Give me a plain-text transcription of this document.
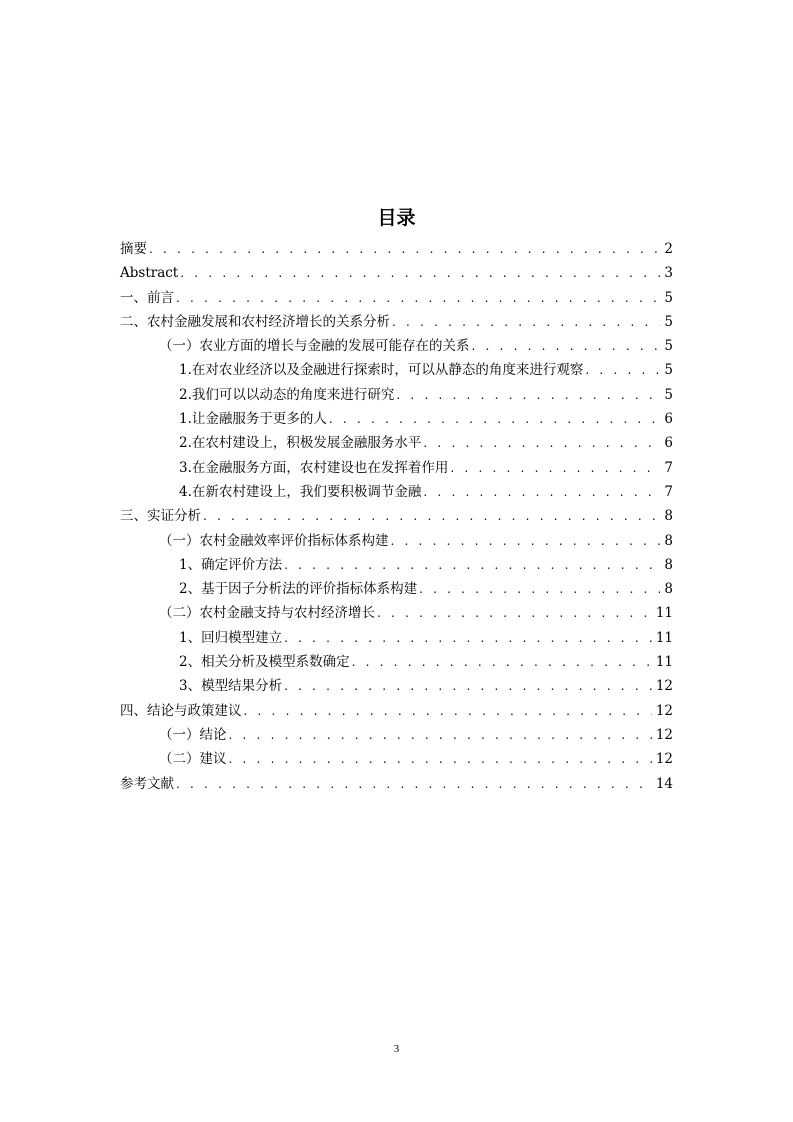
目录
摘要 . . .	2
Abstract . . .	3
一、前言 . . .	5
二、农村金融发展和农村经济增长的关系分析 . . .	5
（一）农业方面的增长与金融的发展可能存在的关系 . . .	5
1.在对农业经济以及金融进行探索时，可以从静态的角度来进行观察 . . .	5
2.我们可以以动态的角度来进行研究 . . .	5
1.让金融服务于更多的人 . . .	6
2.在农村建设上，积极发展金融服务水平 . . .	6
3.在金融服务方面，农村建设也在发挥着作用 . . .	7
4.在新农村建设上，我们要积极调节金融 . . .	7
三、实证分析 . . .	8
（一）农村金融效率评价指标体系构建 . . .	8
1、确定评价方法 . . .	8
2、基于因子分析法的评价指标体系构建 . . .	8
（二）农村金融支持与农村经济增长 . . .	11
1、回归模型建立 . . .	11
2、相关分析及模型系数确定 . . .	11
3、模型结果分析 . . .	12
四、结论与政策建议 . . .	12
（一）结论 . . .	12
（二）建议 . . .	12
参考文献 . . .	14
3
